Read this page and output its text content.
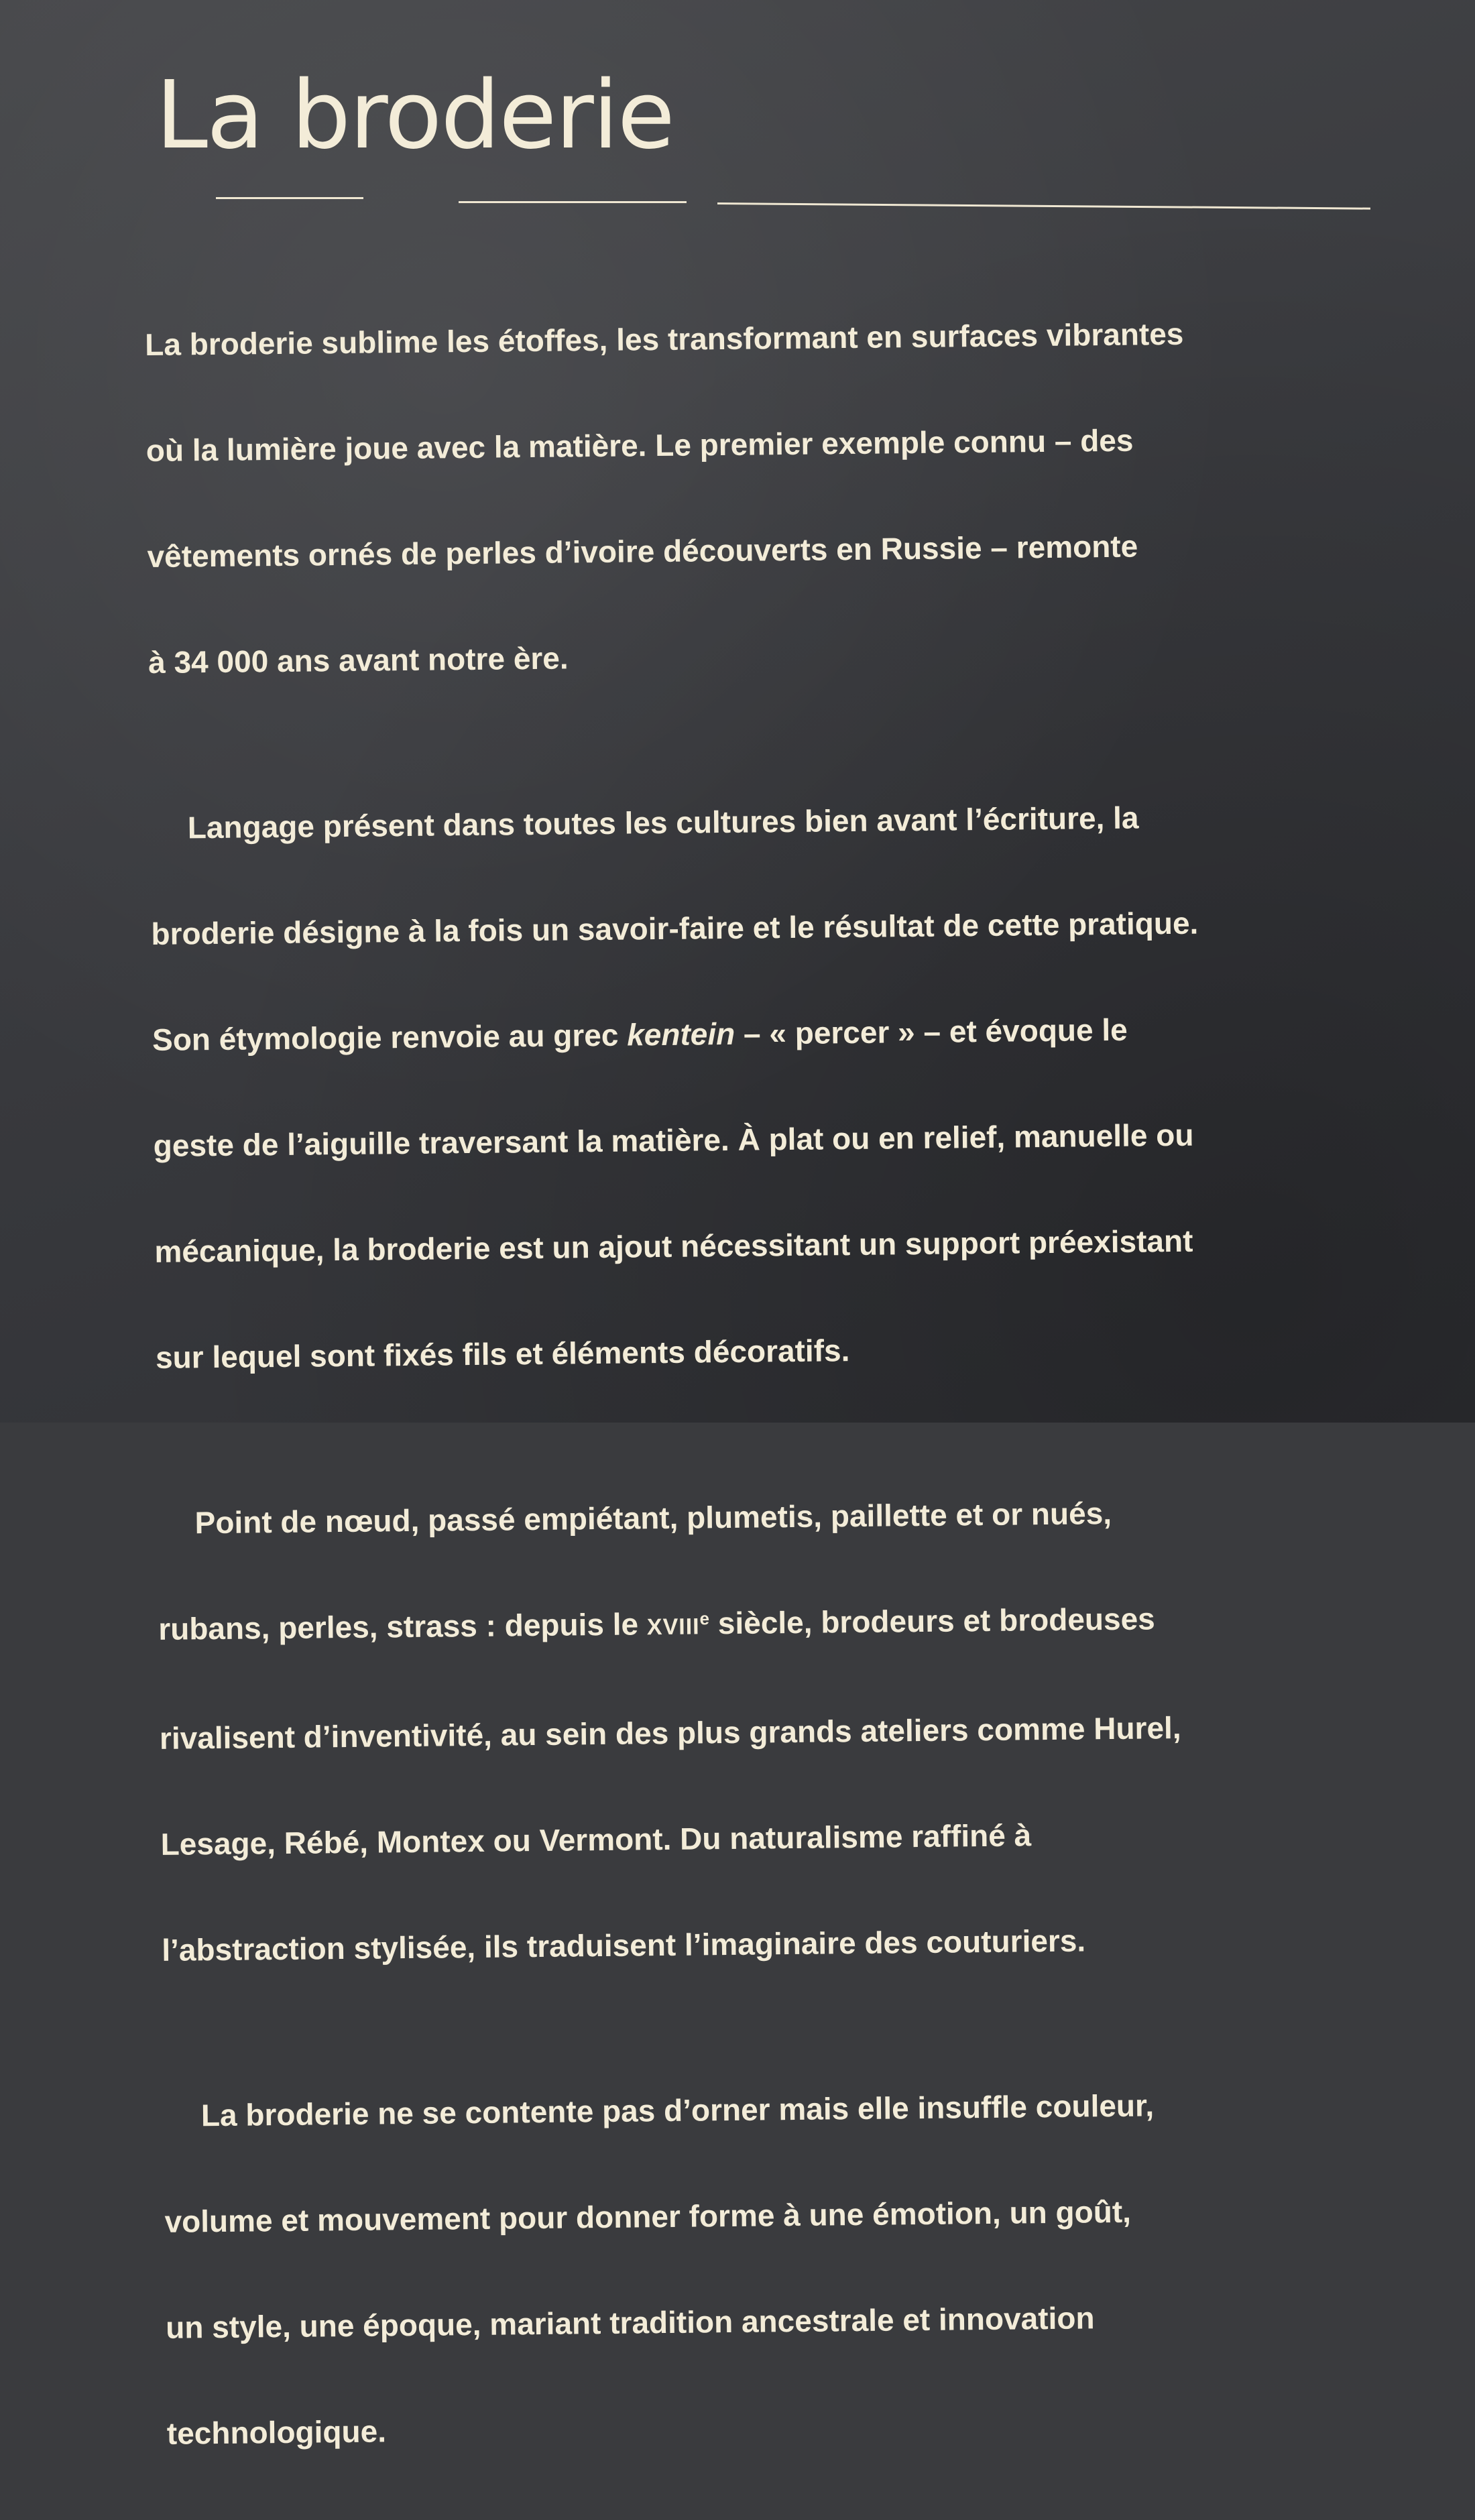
La broderie

La broderie sublime les étoffes, les transformant en surfaces vibrantes

où la lumière joue avec la matière. Le premier exemple connu – des

vêtements ornés de perles d’ivoire découverts en Russie – remonte

à 34 000 ans avant notre ère.

Langage présent dans toutes les cultures bien avant l’écriture, la

broderie désigne à la fois un savoir-faire et le résultat de cette pratique.

Son étymologie renvoie au grec kentein – « percer » – et évoque le

geste de l’aiguille traversant la matière. À plat ou en relief, manuelle ou

mécanique, la broderie est un ajout nécessitant un support préexistant

sur lequel sont fixés fils et éléments décoratifs.

Point de nœud, passé empiétant, plumetis, paillette et or nués,

rubans, perles, strass : depuis le XVIIIe siècle, brodeurs et brodeuses

rivalisent d’inventivité, au sein des plus grands ateliers comme Hurel,

Lesage, Rébé, Montex ou Vermont. Du naturalisme raffiné à

l’abstraction stylisée, ils traduisent l’imaginaire des couturiers.

La broderie ne se contente pas d’orner mais elle insuffle couleur,

volume et mouvement pour donner forme à une émotion, un goût,

un style, une époque, mariant tradition ancestrale et innovation

technologique.
